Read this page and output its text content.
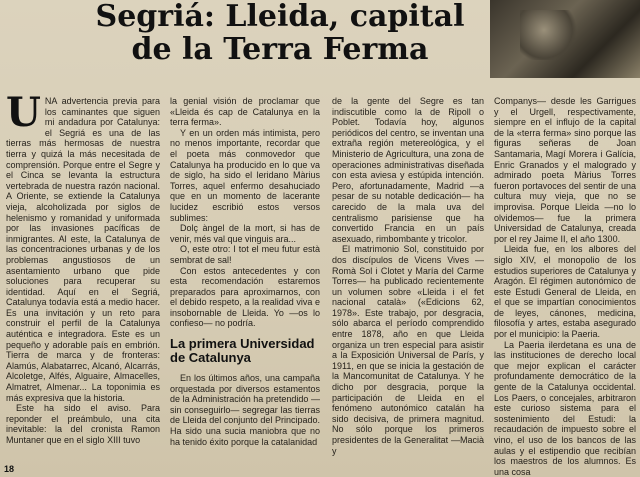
Segriá: Lleida, capital
de la Terra Ferma

UNA advertencia previa para los caminantes que siguen mi andadura por Catalunya: el Segriá es una de las tierras más hermosas de nuestra tierra y quizá la más necesitada de comprensión. Porque entre el Segre y el Cinca se levanta la estructura vertebrada de nuestra razón nacional. A Oriente, se extiende la Catalunya vieja, alcoholizada por siglos de helenismo y romanidad y uniformada por las invasiones pacíficas de inmigrantes. Al este, la Catalunya de las concentraciones urbanas y de los problemas angustiosos de un asentamiento urbano que pide soluciones para recuperar su identidad. Aquí en el Segriá, Catalunya todavía está a medio hacer. Es una invitación y un reto para construir el perfil de la Catalunya auténtica e integradora. Este es un pequeño y adorable país en embrión. Tierra de marca y de fronteras: Alamús, Alabatarrec, Alcanó, Alcarrás, Alcoletge, Alfés, Alguaire, Almacelles, Almatret, Almenar... La toponimia es más expresiva que la historia.

Este ha sido el aviso. Para reponder el preámbulo, una cita inevitable: la del cronista Ramon Muntaner que en el siglo XIII tuvo

la genial visión de proclamar que «Lleida és cap de Catalunya en la terra ferma».

Y en un orden más intimista, pero no menos importante, recordar que el poeta más conmovedor que Catalunya ha producido en lo que va de siglo, ha sido el leridano Màrius Torres, aquel enfermo desahuciado que en un momento de lacerante lucidez escribió estos versos sublimes:

Dolç àngel de la mort, si has de venir, més val que vinguis ara...

O, este otro: I tot el meu futur està sembrat de sal!

Con estos antecedentes y con esta recomendación estaremos preparados para aproximarnos, con el debido respeto, a la realidad viva e insobornable de Lleida. Yo —os lo confieso— no podría.

La primera Universidad de Catalunya

En los últimos años, una campaña orquestada por diversos estamentos de la Administración ha pretendido —sin conseguirlo— segregar las tierras de Lleida del conjunto del Principado. Ha sido una sucia maniobra que no ha tenido éxito porque la catalanidad

de la gente del Segre es tan indiscutible como la de Ripoll o Poblet. Todavía hoy, algunos periódicos del centro, se inventan una extraña región metereológica, y el Ministerio de Agricultura, una zona de operaciones administrativas diseñada con esta aviesa y estúpida intención. Pero, afortunadamente, Madrid —a pesar de su notable dedicación— ha carecido de la mala uva del centralismo parisiense que ha convertido Francia en un país asexuado, rimbombante y tricolor.

El matrimonio Sol, constituido por dos discípulos de Vicens Vives —Romà Sol i Clotet y María del Carme Torres— ha publicado recientemente un volumen sobre «Lleida i el fet nacional català» («Edicions 62, 1978». Este trabajo, por desgracia, sólo abarca el período comprendido entre 1878, año en que Lleida organiza un tren especial para asistir a la Exposición Universal de París, y 1911, en que se inicia la gestación de la Mancomunitat de Catalunya. Y he dicho por desgracia, porque la participación de Lleida en el fenómeno autonómico catalán ha sido decisiva, de primera magnitud. No sólo porque los primeros presidentes de la Generalitat —Macià y

Companys— desde les Garrigues y el Urgell, respectivamente, siempre en el influjo de la capital de la «terra ferma» sino porque las figuras señeras de Joan Santamaria, Magí Morera i Galícia, Enric Granados y el malogrado y admirado poeta Màrius Torres fueron portavoces del sentir de una cultura muy viejа, que no se improvisa. Porque Lleida —no lo olvidemos— fue la primera Universidad de Catalunya, creada por el rey Jaime II, el año 1300.

Lleida fue, en los albores del siglo XIV, el monopolio de los estudios superiores de Catalunya y Aragón. El régimen autonómico de este Estudi General de Lleida, en el que se impartían conocimientos de leyes, cánones, medicina, filosofía y artes, estaba asegurado por el municipio: la Paeria.

La Paeria ilerdetana es una de las instituciones de derecho local que mejor explican el carácter profundamente democrático de la gente de la Catalunya occidental. Los Paers, o concejales, arbitraron este curioso sistema para el sostenimiento del Estudi: la recaudación de impuesto sobre el vino, el uso de los bancos de las aulas y el estipendio que recibían los maestros de los alumnos. Es una cosa

18
